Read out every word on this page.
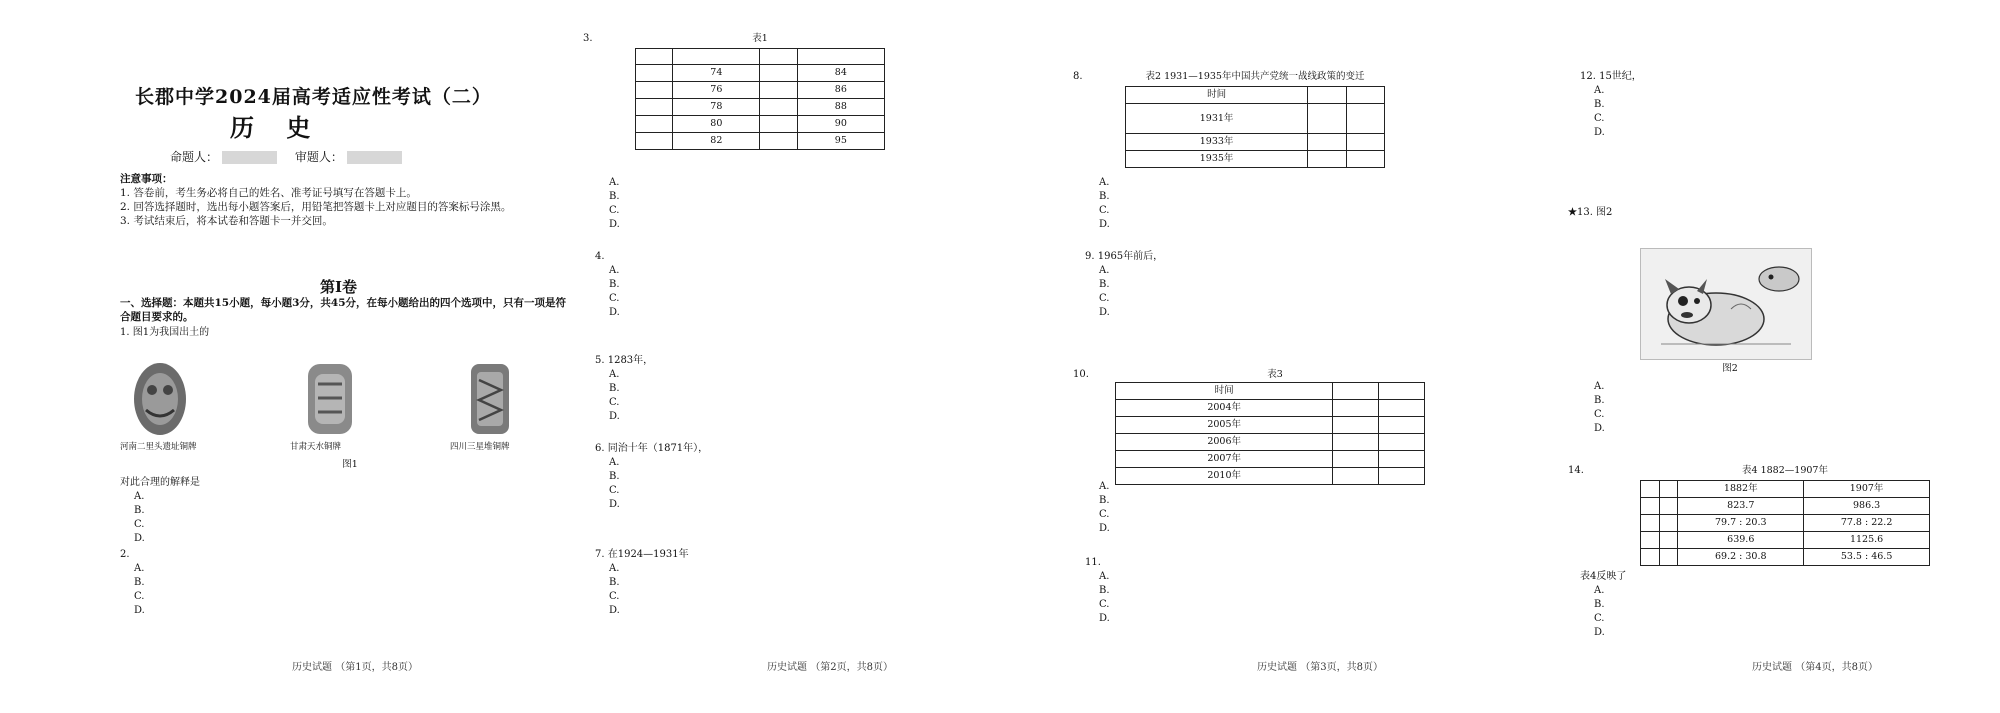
长郡中学2024届高考适应性考试（二）
历 史
命题人：	审题人：
注意事项：
1. 答卷前，考生务必将自己的姓名、准考证号填写在答题卡上。
2. 回答选择题时，选出每小题答案后，用铅笔把答题卡上对应题目的答案标号涂黑。
3. 考试结束后，将本试卷和答题卡一并交回。
第Ⅰ卷
一、选择题：本题共15小题，每小题3分，共45分，在每小题给出的四个选项中，只有一项是符合题目要求的。
1. 图1为我国出土的
河南二里头遗址铜牌	甘肃天水铜牌	四川三星堆铜牌
图1
对此合理的解释是
A.
B.
C.
D.
2.
A.
B.
C.
D.
历史试题 （第1页，共8页）
3.	表1

	74		84
	76		86
	78		88
	80		90
	82		95
A.
B.
C.
D.
4.
A.
B.
C.
D.
5. 1283年，
A.
B.
C.
D.
6. 同治十年（1871年），
A.
B.
C.
D.
7. 在1924—1931年
A.
B.
C.
D.
历史试题 （第2页，共8页）
8.	表2 1931—1935年中国共产党统一战线政策的变迁
时间		
1931年		
1933年		
1935年		
A.
B.
C.
D.
9. 1965年前后，
A.
B.
C.
D.
10.	表3
时间		
2004年		
2005年		
2006年		
2007年		
2010年		
A.
B.
C.
D.
11.
A.
B.
C.
D.
历史试题 （第3页，共8页）
12. 15世纪，
A.
B.
C.
D.
★13. 图2
图2
A.
B.
C.
D.
14.	表4 1882—1907年
		1882年	1907年
		823.7	986.3
		79.7 : 20.3	77.8 : 22.2
		639.6	1125.6
		69.2 : 30.8	53.5 : 46.5
表4反映了
A.
B.
C.
D.
历史试题 （第4页，共8页）
